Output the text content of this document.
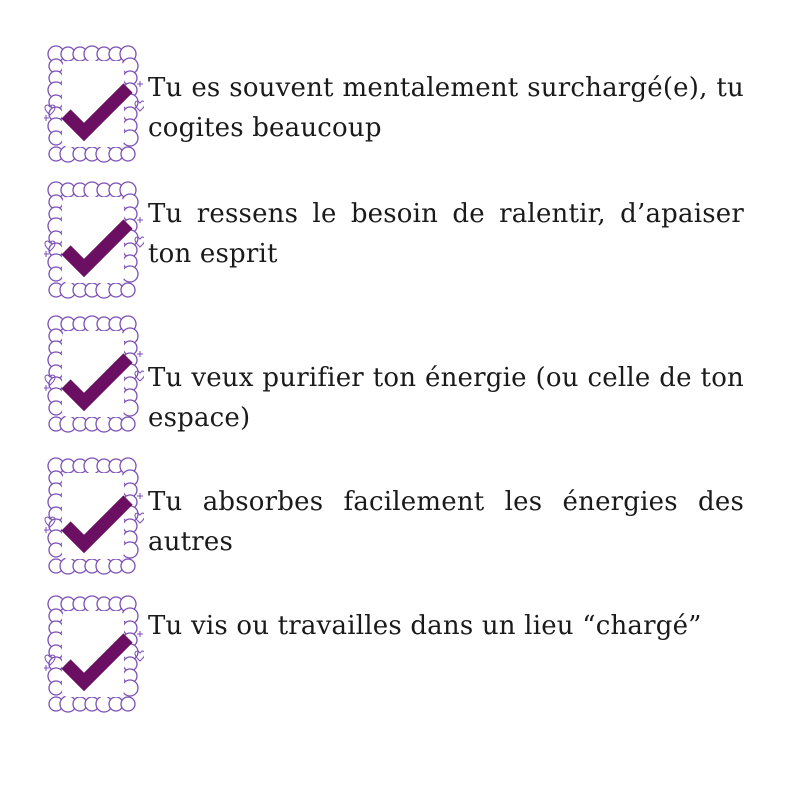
Tu es souvent mentalement surchargé(e), tu cogites beaucoup
Tu ressens le besoin de ralentir, d’apaiser ton esprit
Tu veux purifier ton énergie (ou celle de ton espace)
Tu absorbes facilement les énergies des autres
Tu vis ou travailles dans un lieu “chargé”
